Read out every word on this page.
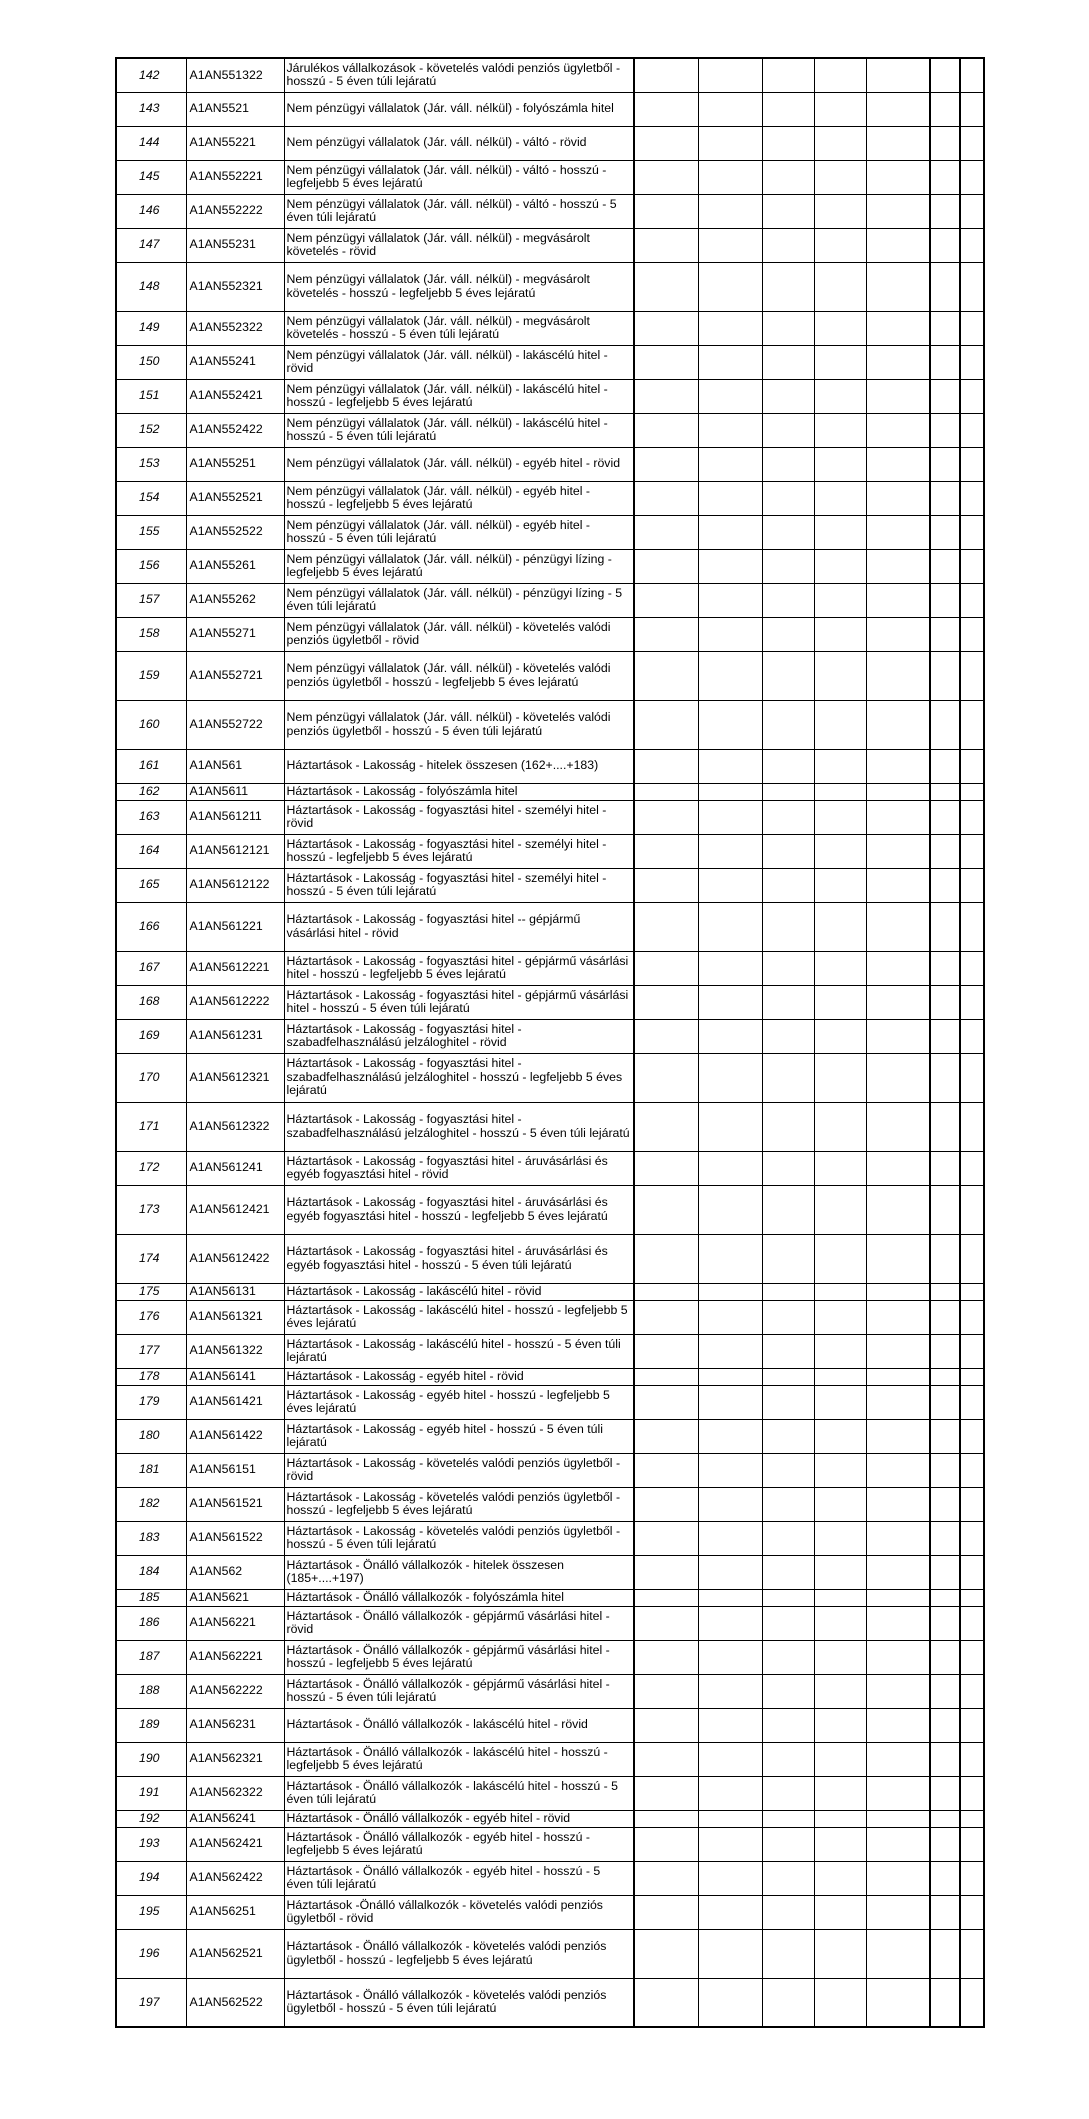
142	A1AN551322	Járulékos vállalkozások - követelés valódi penziós ügyletből - hosszú - 5 éven túli lejáratú							
143	A1AN5521	Nem pénzügyi vállalatok (Jár. váll. nélkül) - folyószámla hitel							
144	A1AN55221	Nem pénzügyi vállalatok (Jár. váll. nélkül) - váltó - rövid							
145	A1AN552221	Nem pénzügyi vállalatok (Jár. váll. nélkül) - váltó - hosszú - legfeljebb 5 éves lejáratú							
146	A1AN552222	Nem pénzügyi vállalatok (Jár. váll. nélkül) - váltó - hosszú - 5 éven túli lejáratú							
147	A1AN55231	Nem pénzügyi vállalatok (Jár. váll. nélkül) - megvásárolt követelés - rövid							
148	A1AN552321	Nem pénzügyi vállalatok (Jár. váll. nélkül) - megvásárolt követelés - hosszú - legfeljebb 5 éves lejáratú							
149	A1AN552322	Nem pénzügyi vállalatok (Jár. váll. nélkül) - megvásárolt követelés - hosszú - 5 éven túli lejáratú							
150	A1AN55241	Nem pénzügyi vállalatok (Jár. váll. nélkül) - lakáscélú hitel - rövid							
151	A1AN552421	Nem pénzügyi vállalatok (Jár. váll. nélkül) - lakáscélú hitel - hosszú - legfeljebb 5 éves lejáratú							
152	A1AN552422	Nem pénzügyi vállalatok (Jár. váll. nélkül) - lakáscélú hitel - hosszú - 5 éven túli lejáratú							
153	A1AN55251	Nem pénzügyi vállalatok (Jár. váll. nélkül) - egyéb hitel - rövid							
154	A1AN552521	Nem pénzügyi vállalatok (Jár. váll. nélkül) - egyéb hitel - hosszú - legfeljebb 5 éves lejáratú							
155	A1AN552522	Nem pénzügyi vállalatok (Jár. váll. nélkül) - egyéb hitel - hosszú - 5 éven túli lejáratú							
156	A1AN55261	Nem pénzügyi vállalatok (Jár. váll. nélkül) - pénzügyi lízing - legfeljebb 5 éves lejáratú							
157	A1AN55262	Nem pénzügyi vállalatok (Jár. váll. nélkül) - pénzügyi lízing - 5 éven túli lejáratú							
158	A1AN55271	Nem pénzügyi vállalatok (Jár. váll. nélkül) - követelés valódi penziós ügyletből - rövid							
159	A1AN552721	Nem pénzügyi vállalatok (Jár. váll. nélkül) - követelés valódi penziós ügyletből - hosszú - legfeljebb 5 éves lejáratú							
160	A1AN552722	Nem pénzügyi vállalatok (Jár. váll. nélkül) - követelés valódi penziós ügyletből - hosszú - 5 éven túli lejáratú							
161	A1AN561	Háztartások - Lakosság - hitelek összesen (162+....+183)							
162	A1AN5611	Háztartások - Lakosság - folyószámla hitel							
163	A1AN561211	Háztartások - Lakosság - fogyasztási hitel - személyi hitel - rövid							
164	A1AN5612121	Háztartások - Lakosság - fogyasztási hitel - személyi hitel - hosszú - legfeljebb 5 éves lejáratú							
165	A1AN5612122	Háztartások - Lakosság - fogyasztási hitel - személyi hitel - hosszú - 5 éven túli lejáratú							
166	A1AN561221	Háztartások - Lakosság - fogyasztási hitel -- gépjármű vásárlási hitel - rövid							
167	A1AN5612221	Háztartások - Lakosság - fogyasztási hitel - gépjármű vásárlási hitel - hosszú - legfeljebb 5 éves lejáratú							
168	A1AN5612222	Háztartások - Lakosság - fogyasztási hitel - gépjármű vásárlási hitel - hosszú - 5 éven túli lejáratú							
169	A1AN561231	Háztartások - Lakosság - fogyasztási hitel - szabadfelhasználású jelzáloghitel - rövid							
170	A1AN5612321	Háztartások - Lakosság - fogyasztási hitel - szabadfelhasználású jelzáloghitel - hosszú - legfeljebb 5 éves lejáratú							
171	A1AN5612322	Háztartások - Lakosság - fogyasztási hitel - szabadfelhasználású jelzáloghitel - hosszú - 5 éven túli lejáratú							
172	A1AN561241	Háztartások - Lakosság - fogyasztási hitel - áruvásárlási és egyéb fogyasztási hitel - rövid							
173	A1AN5612421	Háztartások - Lakosság - fogyasztási hitel - áruvásárlási és egyéb fogyasztási hitel - hosszú - legfeljebb 5 éves lejáratú							
174	A1AN5612422	Háztartások - Lakosság - fogyasztási hitel - áruvásárlási és egyéb fogyasztási hitel - hosszú - 5 éven túli lejáratú							
175	A1AN56131	Háztartások - Lakosság - lakáscélú hitel - rövid							
176	A1AN561321	Háztartások - Lakosság - lakáscélú hitel - hosszú - legfeljebb 5 éves lejáratú							
177	A1AN561322	Háztartások - Lakosság - lakáscélú hitel - hosszú - 5 éven túli lejáratú							
178	A1AN56141	Háztartások - Lakosság - egyéb hitel - rövid							
179	A1AN561421	Háztartások - Lakosság - egyéb hitel - hosszú - legfeljebb 5 éves lejáratú							
180	A1AN561422	Háztartások - Lakosság - egyéb hitel - hosszú - 5 éven túli lejáratú							
181	A1AN56151	Háztartások - Lakosság - követelés valódi penziós ügyletből - rövid							
182	A1AN561521	Háztartások - Lakosság - követelés valódi penziós ügyletből - hosszú - legfeljebb 5 éves lejáratú							
183	A1AN561522	Háztartások - Lakosság - követelés valódi penziós ügyletből - hosszú - 5 éven túli lejáratú							
184	A1AN562	Háztartások - Önálló vállalkozók - hitelek összesen (185+....+197)							
185	A1AN5621	Háztartások - Önálló vállalkozók - folyószámla hitel							
186	A1AN56221	Háztartások - Önálló vállalkozók - gépjármű vásárlási hitel - rövid							
187	A1AN562221	Háztartások - Önálló vállalkozók - gépjármű vásárlási hitel - hosszú - legfeljebb 5 éves lejáratú							
188	A1AN562222	Háztartások - Önálló vállalkozók - gépjármű vásárlási hitel - hosszú - 5 éven túli lejáratú							
189	A1AN56231	Háztartások - Önálló vállalkozók - lakáscélú hitel - rövid							
190	A1AN562321	Háztartások - Önálló vállalkozók - lakáscélú hitel - hosszú - legfeljebb 5 éves lejáratú							
191	A1AN562322	Háztartások - Önálló vállalkozók - lakáscélú hitel - hosszú - 5 éven túli lejáratú							
192	A1AN56241	Háztartások - Önálló vállalkozók - egyéb hitel - rövid							
193	A1AN562421	Háztartások - Önálló vállalkozók - egyéb hitel - hosszú - legfeljebb 5 éves lejáratú							
194	A1AN562422	Háztartások - Önálló vállalkozók - egyéb hitel - hosszú - 5 éven túli lejáratú							
195	A1AN56251	Háztartások -Önálló vállalkozók - követelés valódi penziós ügyletből - rövid							
196	A1AN562521	Háztartások - Önálló vállalkozók - követelés valódi penziós ügyletből - hosszú - legfeljebb 5 éves lejáratú							
197	A1AN562522	Háztartások - Önálló vállalkozók - követelés valódi penziós ügyletből - hosszú - 5 éven túli lejáratú							
